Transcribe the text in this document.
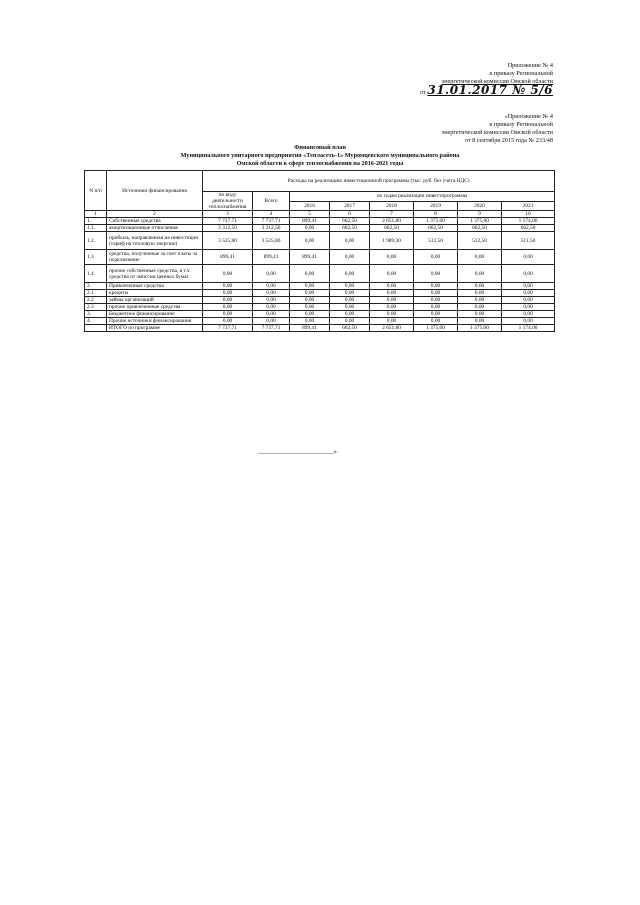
Приложение № 4
к приказу Региональной
энергетической комиссии Омской области
от 31.01.2017 № 5/6
«Приложение № 4
к приказу Региональной
энергетической комиссии Омской области
от 8 сентября 2015 года № 233/48
Финансовый план
Муниципального унитарного предприятия «Тепласеть-1» Муромцевского муниципального района
Омской области в сфере теплоснабжения на 2016-2021 годы
N п/п	Источники финансирования	Расходы на реализацию инвестиционной программы (тыс. руб. без учета НДС)							
		по виду деятельности теплоснабжения	Всего	по годам реализации инвестпрограммы					
				2016	2017	2018	2019	2020	2021
1	2	3	4	5	6	7	8	9	10
1.	Собственные средства	7 737,71	7 737,71	899,41	662,50	2 651,80	1 375,00	1 375,00	1 174,00
1.1.	амортизационные отчисления	3 312,50	3 312,50	0,00	662,50	662,50	662,50	662,50	662,50
1.2.	прибыль, направленная на инвестиции (тариф на тепловую энергию)	3 525,80	3 525,80	0,00	0,00	1 989,30	512,50	512,50	511,50
1.3	средства, полученные за счет платы за подключение	899,41	899,41	899,41	0,00	0,00	0,00	0,00	0,00
1.4	прочие собственные средства, в т.ч. средства от эмиссии ценных бумаг	0,00	0,00	0,00	0,00	0,00	0,00	0,00	0,00
2.	Привлеченные средства	0,00	0,00	0,00	0,00	0,00	0,00	0,00	0,00
2.1	кредиты	0,00	0,00	0,00	0,00	0,00	0,00	0,00	0,00
2.2	займы организаций	0,00	0,00	0,00	0,00	0,00	0,00	0,00	0,00
2.3	прочие привлеченные средства	0,00	0,00	0,00	0,00	0,00	0,00	0,00	0,00
3.	Бюджетное финансирование	0,00	0,00	0,00	0,00	0,00	0,00	0,00	0,00
4.	Прочие источники финансирования	0,00	0,00	0,00	0,00	0,00	0,00	0,00	0,00
	ИТОГО по программе	7 737,71	7 737,71	899,41	662,50	2 651,80	1 375,00	1 375,00	1 174,00
____________________________».
